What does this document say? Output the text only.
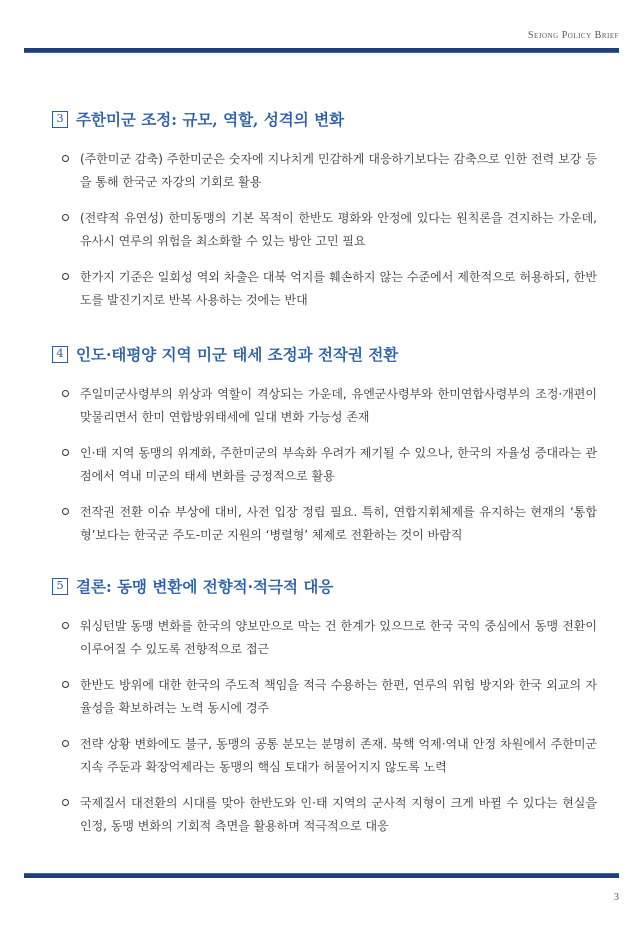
Sejong Policy Brief
3 주한미군 조정: 규모, 역할, 성격의 변화
(주한미군 감축) 주한미군은 숫자에 지나치게 민감하게 대응하기보다는 감축으로 인한 전력 보강 등을 통해 한국군 자강의 기회로 활용
(전략적 유연성) 한미동맹의 기본 목적이 한반도 평화와 안정에 있다는 원칙론을 견지하는 가운데, 유사시 연루의 위험을 최소화할 수 있는 방안 고민 필요
한가지 기준은 일회성 역외 차출은 대북 억지를 훼손하지 않는 수준에서 제한적으로 허용하되, 한반도를 발진기지로 반복 사용하는 것에는 반대
4 인도·태평양 지역 미군 태세 조정과 전작권 전환
주일미군사령부의 위상과 역할이 격상되는 가운데, 유엔군사령부와 한미연합사령부의 조정·개편이 맞물리면서 한미 연합방위태세에 일대 변화 가능성 존재
인·태 지역 동맹의 위계화, 주한미군의 부속화 우려가 제기될 수 있으나, 한국의 자율성 증대라는 관점에서 역내 미군의 태세 변화를 긍정적으로 활용
전작권 전환 이슈 부상에 대비, 사전 입장 정립 필요. 특히, 연합지휘체제를 유지하는 현재의 ‘통합형’보다는 한국군 주도-미군 지원의 ‘병렬형’ 체제로 전환하는 것이 바람직
5 결론: 동맹 변환에 전향적·적극적 대응
워싱턴발 동맹 변화를 한국의 양보만으로 막는 건 한계가 있으므로 한국 국익 중심에서 동맹 전환이 이루어질 수 있도록 전향적으로 접근
한반도 방위에 대한 한국의 주도적 책임을 적극 수용하는 한편, 연루의 위험 방지와 한국 외교의 자율성을 확보하려는 노력 동시에 경주
전략 상황 변화에도 불구, 동맹의 공통 분모는 분명히 존재. 북핵 억제·역내 안정 차원에서 주한미군 지속 주둔과 확장억제라는 동맹의 핵심 토대가 허물어지지 않도록 노력
국제질서 대전환의 시대를 맞아 한반도와 인·태 지역의 군사적 지형이 크게 바뀔 수 있다는 현실을 인정, 동맹 변화의 기회적 측면을 활용하며 적극적으로 대응
3
